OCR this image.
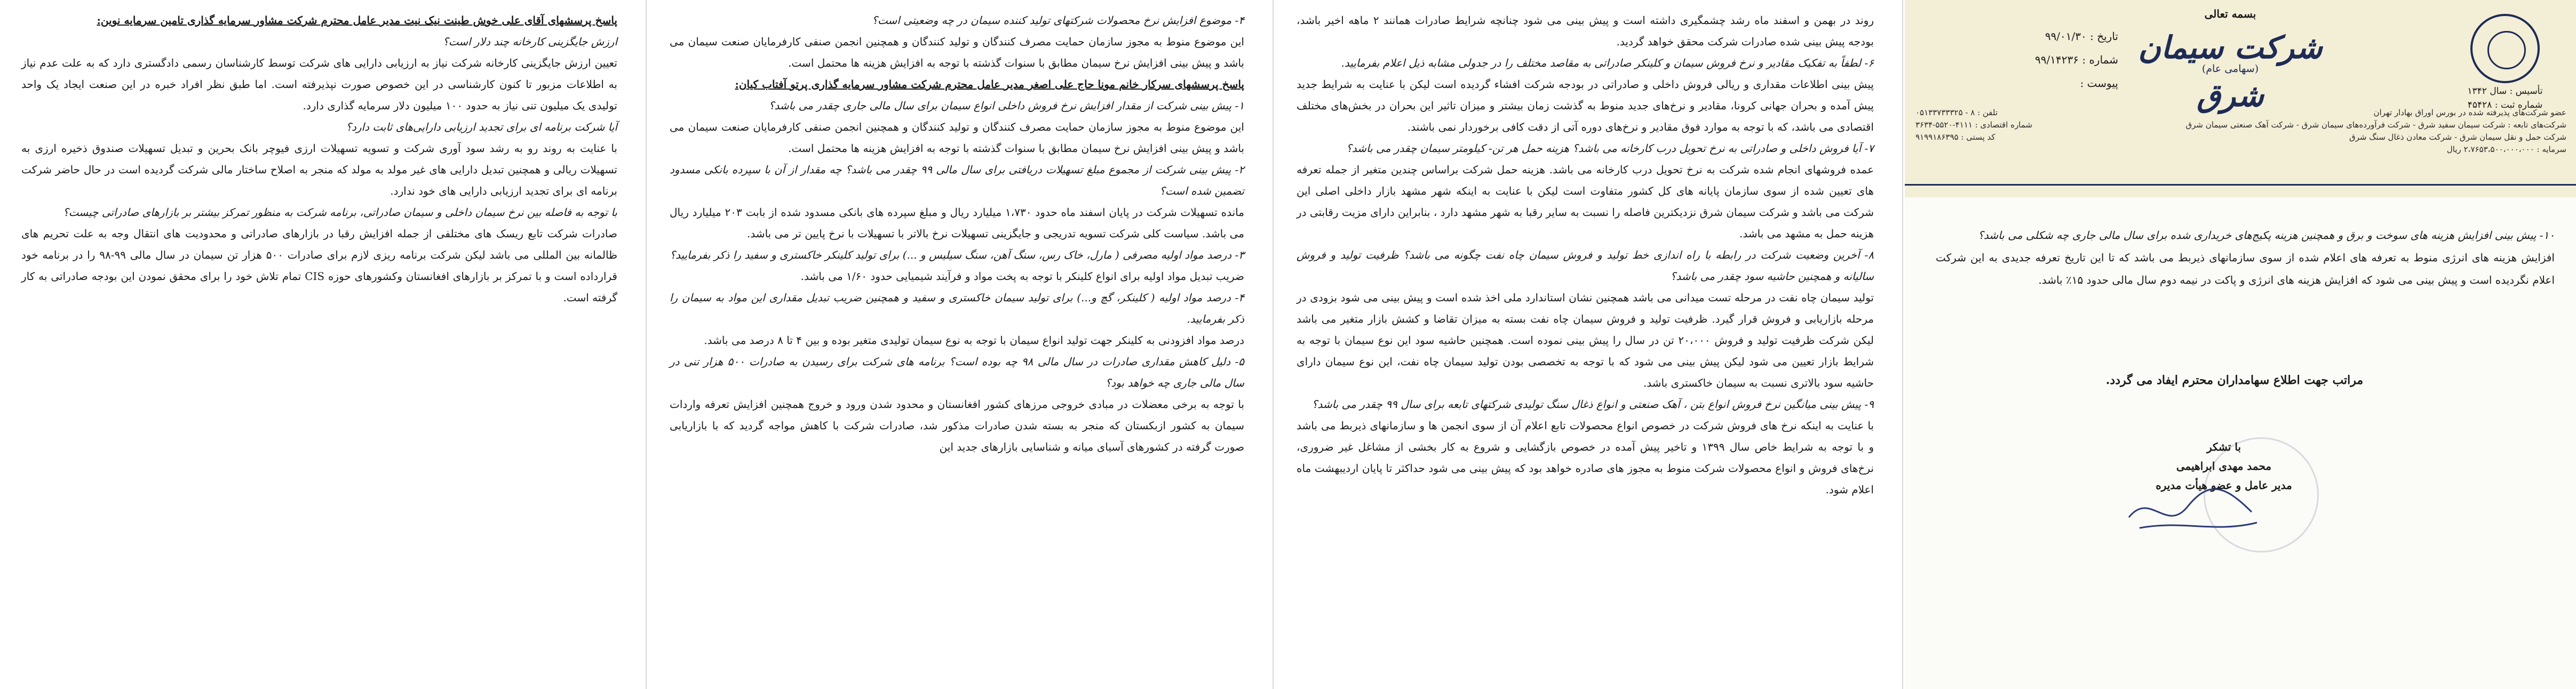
بسمه تعالی
شرکت سیمان شرق
(سهامی عام)
تأسیس : سال ۱۳۴۲
شماره ثبت : ۴۵۴۲۸
تاریخ : ۹۹/۰۱/۳۰
شماره : ۹۹/۱۴۲۳۶
پیوست :
عضو شرکت‌های پذیرفته شده در بورس اوراق بهادار تهران
تلفن : ۸ - ۰۵۱۳۳۷۳۳۳۲۵
شرکت‌های تابعه : شرکت سیمان سفید شرق - شرکت فرآورده‌های سیمان شرق - شرکت آهک صنعتی سیمان شرق
شماره اقتصادی : ۴۱۱۱-۵۵۲۰-۳۶۳۴
شرکت حمل و نقل سیمان شرق - شرکت معادن ذغال سنگ شرق
کد پستی : ۹۱۹۹۱۸۶۳۹۵
سرمایه : ۲،۷۶۵۳،۵۰۰،۰۰۰،۰۰۰ ریال

۱۰- پیش بینی افزایش هزینه های سوخت و برق و همچنین هزینه پکیج‌های خریداری شده برای سال مالی جاری چه شکلی می باشد؟

افزایش هزینه های انرژی منوط به تعرفه های اعلام شده از سوی سازمانهای ذیربط می باشد که تا این تاریخ تعرفه جدیدی به این شرکت اعلام نگردیده است و پیش بینی می شود که افزایش هزینه های انرژی و پاکت در نیمه دوم سال مالی حدود ۱۵٪ باشد.

مراتب جهت اطلاع سهامداران محترم ایفاد می گردد.
با تشکر
محمد مهدی ابراهیمی
مدیر عامل و عضو هیأت مدیره

روند در بهمن و اسفند ماه رشد چشمگیری داشته است و پیش بینی می شود چنانچه شرایط صادرات همانند ۲ ماهه اخیر باشد، بودجه پیش بینی شده صادرات شرکت محقق خواهد گردید.

۶- لطفاً به تفکیک مقادیر و نرخ فروش سیمان و کلینکر صادراتی به مقاصد مختلف را در جدولی مشابه ذیل اعلام بفرمایید.

پیش بینی اطلاعات مقداری و ریالی فروش داخلی و صادراتی در بودجه شرکت افشاء گردیده است لیکن با عنایت به شرایط جدید پیش آمده و بحران جهانی کرونا، مقادیر و نرخ‌های جدید منوط به گذشت زمان بیشتر و میزان تاثیر این بحران در بخش‌های مختلف اقتصادی می باشد، که با توجه به موارد فوق مقادیر و نرخ‌های دوره آتی از دقت کافی برخوردار نمی باشند.

۷- آیا فروش داخلی و صادراتی به نرخ تحویل درب کارخانه می باشد؟ هزینه حمل هر تن- کیلومتر سیمان چقدر می باشد؟

عمده فروشهای انجام شده شرکت به نرخ تحویل درب کارخانه می باشد. هزینه حمل شرکت براساس چندین متغیر از جمله تعرفه های تعیین شده از سوی سازمان پایانه های کل کشور متفاوت است لیکن با عنایت به اینکه شهر مشهد بازار داخلی اصلی این شرکت می باشد و شرکت سیمان شرق نزدیکترین فاصله را نسبت به سایر رقبا به شهر مشهد دارد ، بنابراین دارای مزیت رقابتی در هزینه حمل به مشهد می باشد.

۸- آخرین وضعیت شرکت در رابطه با راه اندازی خط تولید و فروش سیمان چاه نفت چگونه می باشد؟ ظرفیت تولید و فروش سالیانه و همچنین حاشیه سود چقدر می باشد؟

تولید سیمان چاه نفت در مرحله تست میدانی می باشد همچنین نشان استاندارد ملی اخذ شده است و پیش بینی می شود بزودی در مرحله بازاریابی و فروش قرار گیرد. ظرفیت تولید و فروش سیمان چاه نفت بسته به میزان تقاضا و کشش بازار متغیر می باشد لیکن شرکت ظرفیت تولید و فروش ۲۰،۰۰۰ تن در سال را پیش بینی نموده است. همچنین حاشیه سود این نوع سیمان با توجه به شرایط بازار تعیین می شود لیکن پیش بینی می شود که با توجه به تخصصی بودن تولید سیمان چاه نفت، این نوع سیمان دارای حاشیه سود بالاتری نسبت به سیمان خاکستری باشد.

۹- پیش بینی میانگین نرخ فروش انواع بتن ، آهک صنعتی و انواع ذغال سنگ تولیدی شرکتهای تابعه برای سال ۹۹ چقدر می باشد؟

با عنایت به اینکه نرخ های فروش شرکت در خصوص انواع محصولات تابع اعلام آن از سوی انجمن ها و سازمانهای ذیربط می باشد و با توجه به شرایط خاص سال ۱۳۹۹ و تاخیر پیش آمده در خصوص بازگشایی و شروع به کار بخشی از مشاغل غیر ضروری، نرخ‌های فروش و انواع محصولات شرکت منوط به مجوز های صادره خواهد بود که پیش بینی می شود حداکثر تا پایان اردیبهشت ماه اعلام شود.

۴- موضوع افزایش نرخ محصولات شرکتهای تولید کننده سیمان در چه وضعیتی است؟

این موضوع منوط به مجوز سازمان حمایت مصرف کنندگان و تولید کنندگان و همچنین انجمن صنفی کارفرمایان صنعت سیمان می باشد و پیش بینی افزایش نرخ سیمان مطابق با سنوات گذشته با توجه به افزایش هزینه ها محتمل است.

پاسخ پرسشهای سرکار خانم مونا حاج علی اصغر مدیر عامل محترم شرکت مشاور سرمایه گذاری پرتو آفتاب کیان:

۱- پیش بینی شرکت از مقدار افزایش نرخ فروش داخلی انواع سیمان برای سال مالی جاری چقدر می باشد؟

این موضوع منوط به مجوز سازمان حمایت مصرف کنندگان و تولید کنندگان و همچنین انجمن صنفی کارفرمایان صنعت سیمان می باشد و پیش بینی افزایش نرخ سیمان مطابق با سنوات گذشته با توجه به افزایش هزینه ها محتمل است.

۲- پیش بینی شرکت از مجموع مبلغ تسهیلات دریافتی برای سال مالی ۹۹ چقدر می باشد؟ چه مقدار از آن با سپرده بانکی مسدود تضمین شده است؟

مانده تسهیلات شرکت در پایان اسفند ماه حدود ۱،۷۳۰ میلیارد ریال و مبلغ سپرده های بانکی مسدود شده از بابت ۲۰۳ میلیارد ریال می باشد. سیاست کلی شرکت تسویه تدریجی و جایگزینی تسهیلات نرخ بالاتر با تسهیلات با نرخ پایین تر می باشد.

۳- درصد مواد اولیه مصرفی ( مارل، خاک رس، سنگ آهن، سنگ سیلیس و ...) برای تولید کلینکر خاکستری و سفید را ذکر بفرمایید؟

ضریب تبدیل مواد اولیه برای انواع کلینکر با توجه به پخت مواد و فرآیند شیمیایی حدود ۱/۶۰ می باشد.

۴- درصد مواد اولیه ( کلینکر، گچ و...) برای تولید سیمان خاکستری و سفید و همچنین ضریب تبدیل مقداری این مواد به سیمان را ذکر بفرمایید.

درصد مواد افزودنی به کلینکر جهت تولید انواع سیمان با توجه به نوع سیمان تولیدی متغیر بوده و بین ۴ تا ۸ درصد می باشد.

۵- دلیل کاهش مقداری صادرات در سال مالی ۹۸ چه بوده است؟ برنامه های شرکت برای رسیدن به صادرات ۵۰۰ هزار تنی در سال مالی جاری چه خواهد بود؟

با توجه به برخی معضلات در مبادی خروجی مرزهای کشور افغانستان و محدود شدن ورود و خروج همچنین افزایش تعرفه واردات سیمان به کشور ازبکستان که منجر به بسته شدن صادرات مذکور شد، صادرات شرکت با کاهش مواجه گردید که با بازاریابی صورت گرفته در کشورهای آسیای میانه و شناسایی بازارهای جدید این

پاسخ پرسشهای آقای علی خوش طینت نیک نیت مدیر عامل محترم شرکت مشاور سرمایه گذاری تامین سرمایه نوین:

ارزش جایگزینی کارخانه چند دلار است؟

تعیین ارزش جایگزینی کارخانه شرکت نیاز به ارزیابی دارایی های شرکت توسط کارشناسان رسمی دادگستری دارد که به علت عدم نیاز به اطلاعات مزبور تا کنون کارشناسی در این خصوص صورت نپذیرفته است. اما طبق نظر افراد خبره در این صنعت ایجاد یک واحد تولیدی یک میلیون تنی نیاز به حدود ۱۰۰ میلیون دلار سرمایه گذاری دارد.

آیا شرکت برنامه ای برای تجدید ارزیابی دارایی‌های ثابت دارد؟

با عنایت به روند رو به رشد سود آوری شرکت و تسویه تسهیلات ارزی فیوچر بانک بحرین و تبدیل تسهیلات صندوق ذخیره ارزی به تسهیلات ریالی و همچنین تبدیل دارایی های غیر مولد به مولد که منجر به اصلاح ساختار مالی شرکت گردیده است در حال حاضر شرکت برنامه ای برای تجدید ارزیابی دارایی های خود ندارد.

با توجه به فاصله بین نرخ سیمان داخلی و سیمان صادراتی، برنامه شرکت به منظور تمرکز بیشتر بر بازارهای صادراتی چیست؟

صادرات شرکت تابع ریسک های مختلفی از جمله افزایش رقبا در بازارهای صادراتی و محدودیت های انتقال وجه به علت تحریم های ظالمانه بین المللی می باشد لیکن شرکت برنامه ریزی لازم برای صادرات ۵۰۰ هزار تن سیمان در سال مالی ۹۹-۹۸ را در برنامه خود قرارداده است و با تمرکز بر بازارهای افغانستان وکشورهای حوزه CIS تمام تلاش خود را برای محقق نمودن این بودجه صادراتی به کار گرفته است.
